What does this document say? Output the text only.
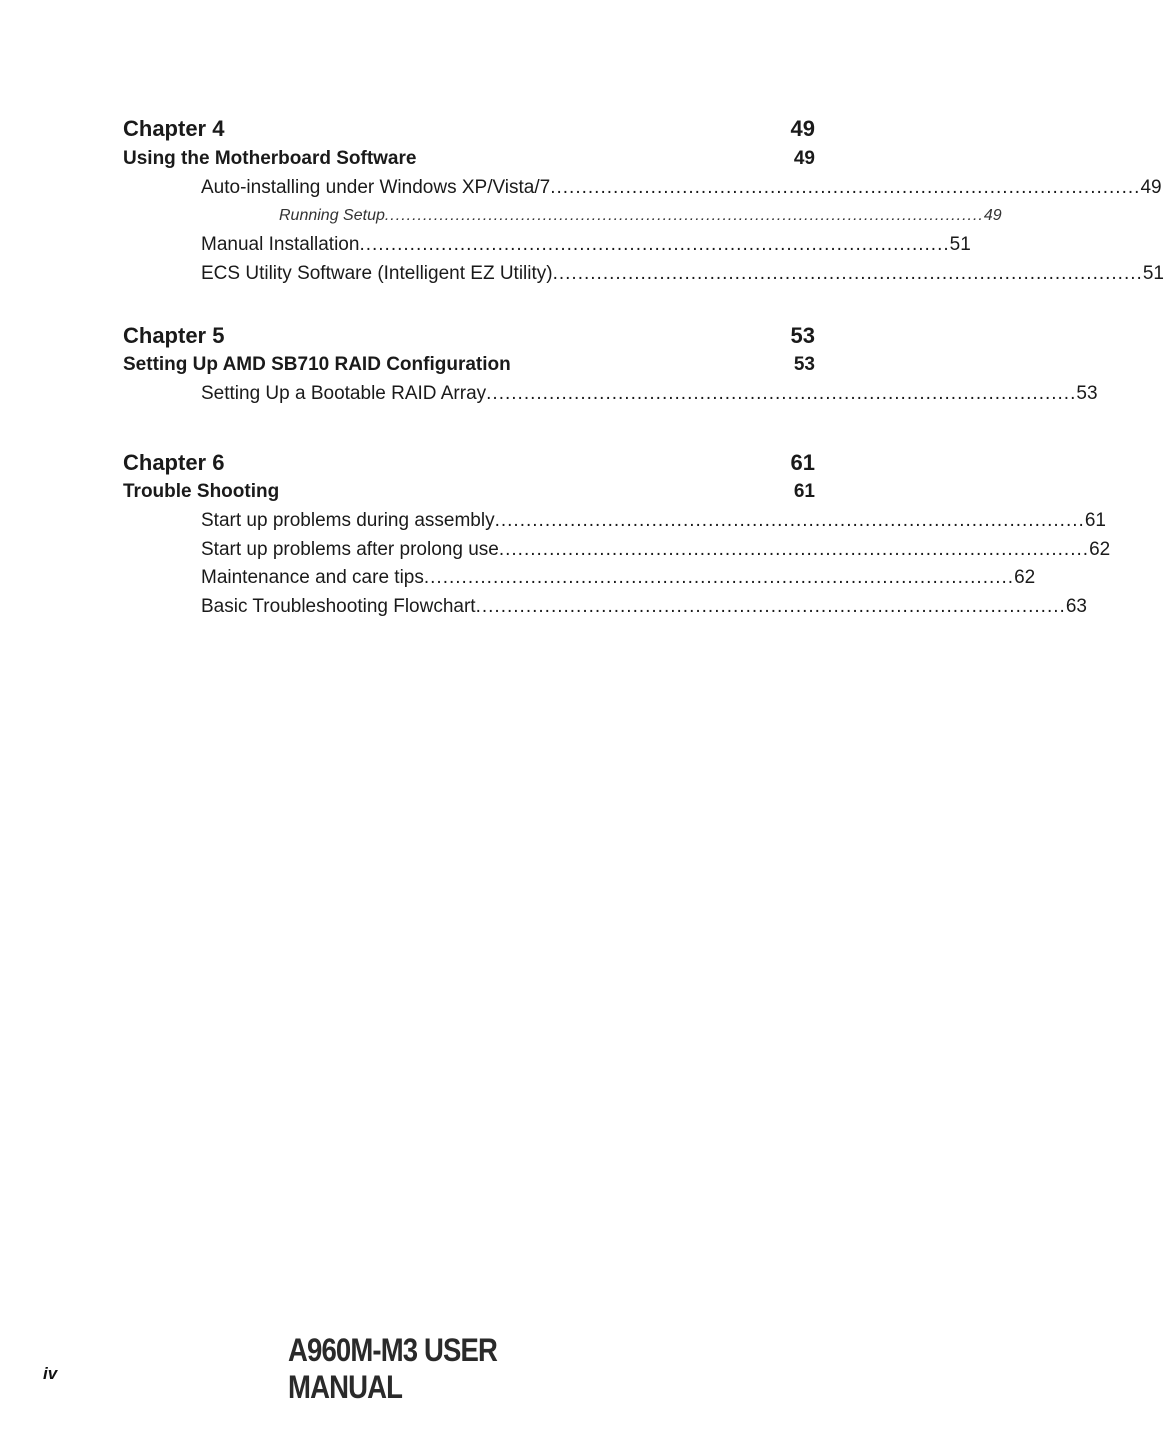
Chapter 4	49
Using the Motherboard Software	49
Auto-installing under Windows XP/Vista/7 .............................................................................................. 49
Running Setup .............................................................................................................. 49
Manual Installation .............................................................................................. 51
ECS Utility Software (Intelligent EZ Utility) .............................................................................................. 51
Chapter 5	53
Setting Up AMD SB710 RAID Configuration	53
Setting Up a Bootable RAID Array .............................................................................................. 53
Chapter 6	61
Trouble Shooting	61
Start up problems during assembly .............................................................................................. 61
Start up problems after prolong use .............................................................................................. 62
Maintenance and care tips .............................................................................................. 62
Basic Troubleshooting Flowchart .............................................................................................. 63
A960M-M3 USER MANUAL
iv
